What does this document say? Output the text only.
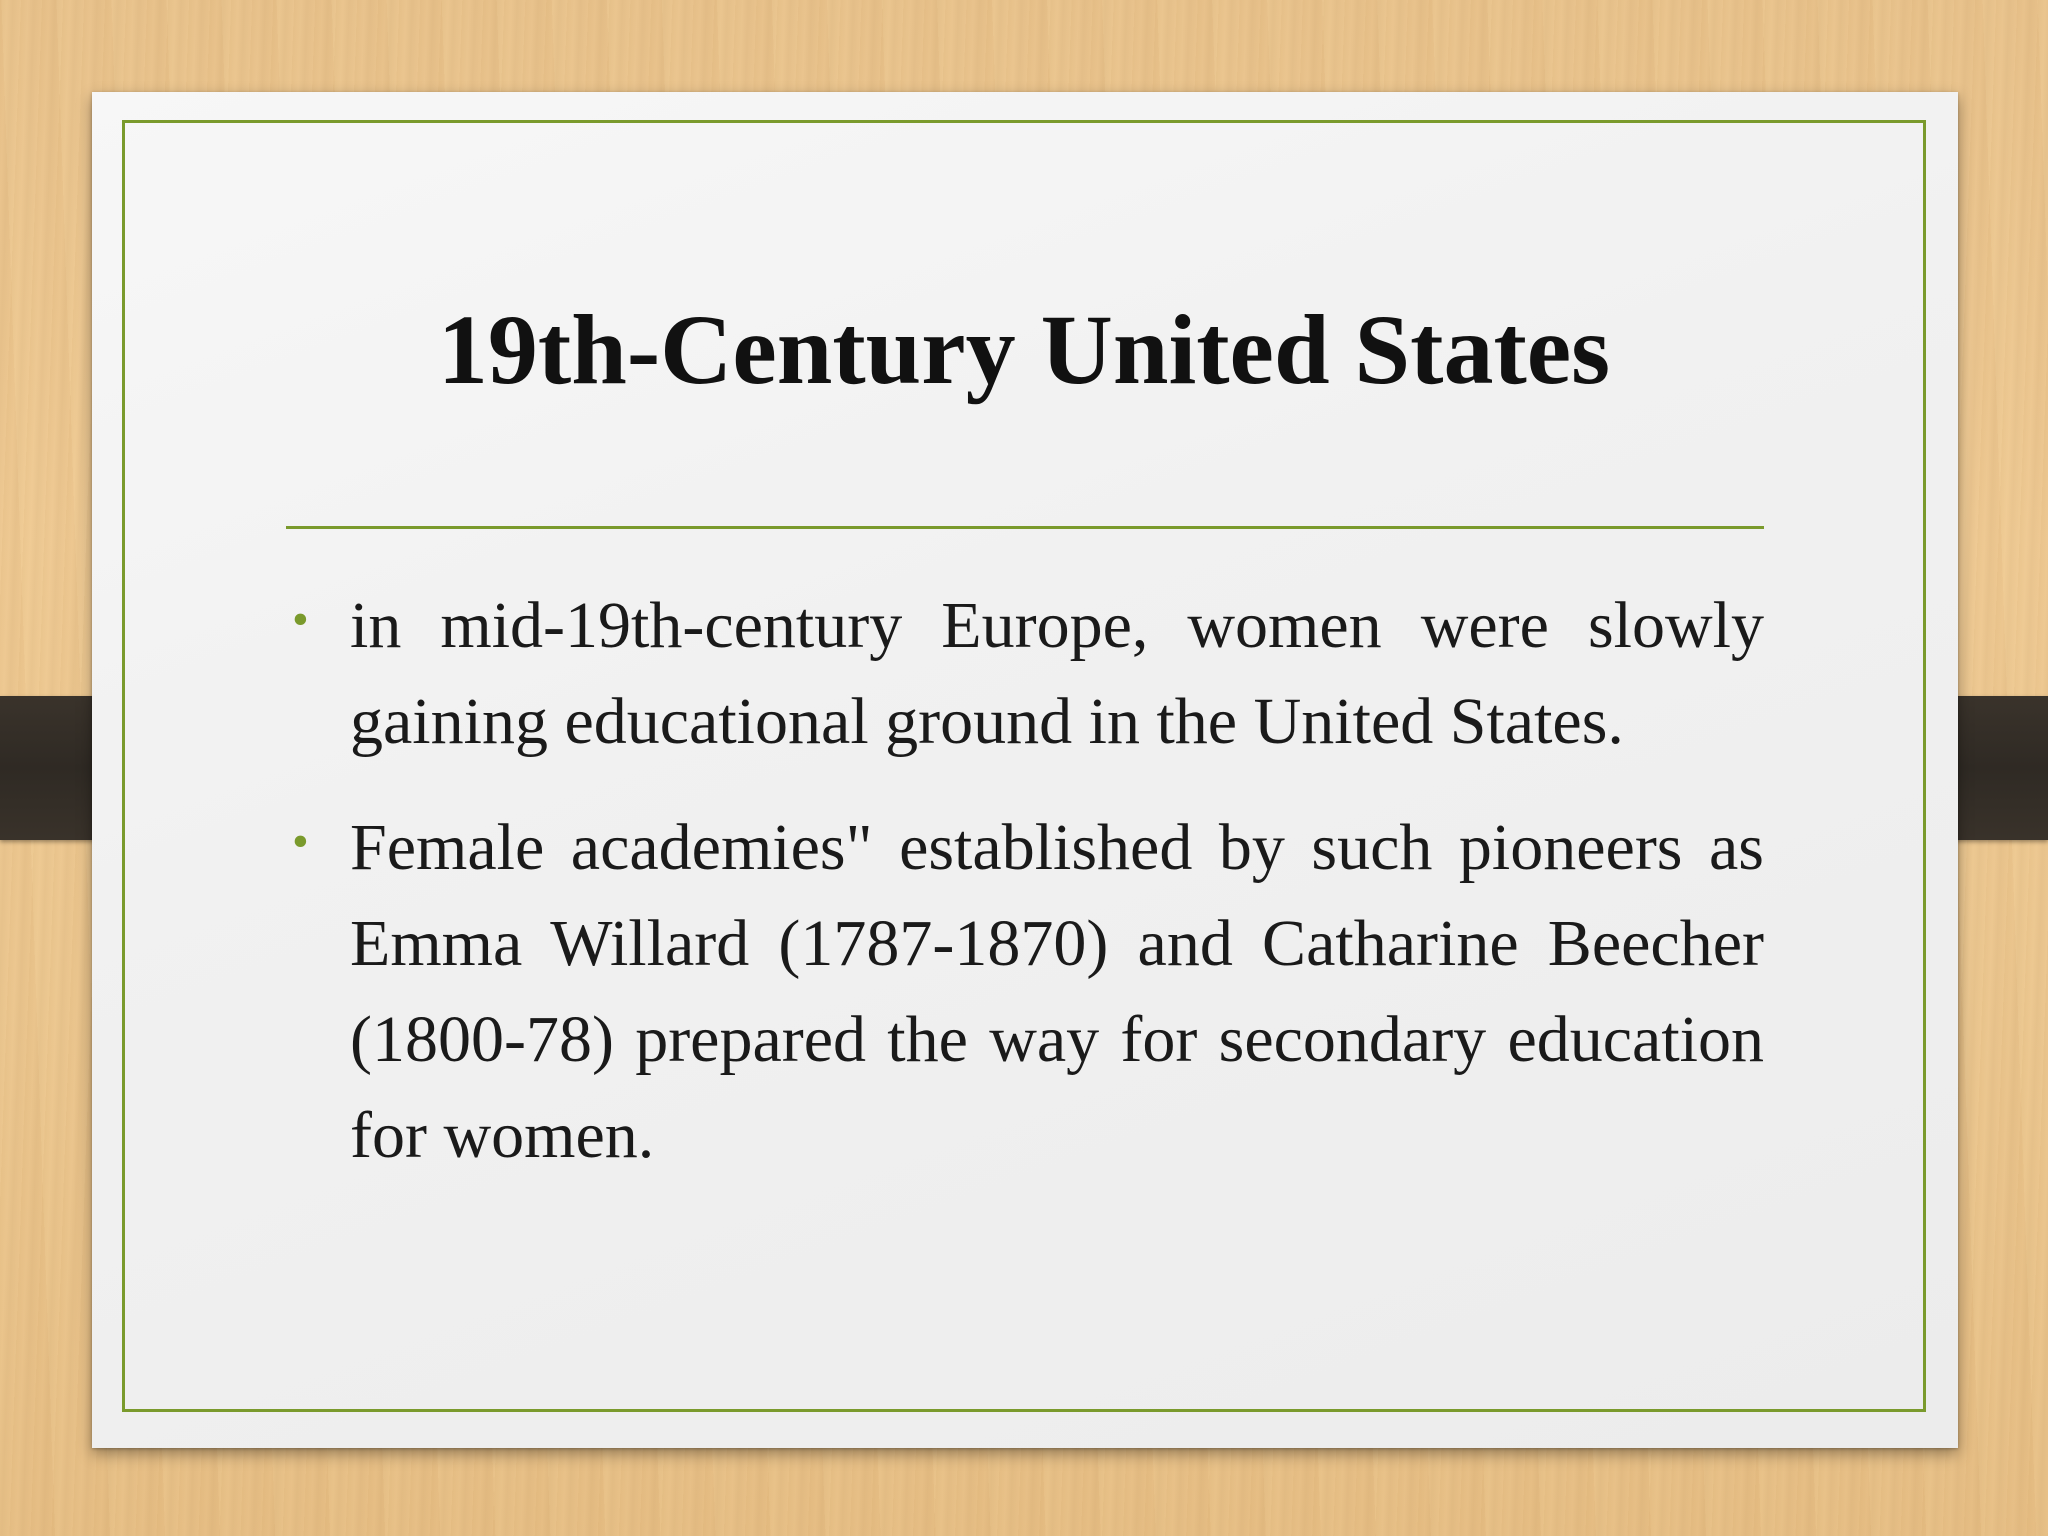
19th-Century United States
• in mid-19th-century Europe, women were slowly gaining educational ground in the United States.
• Female academies" established by such pioneers as Emma Willard (1787-1870) and Catharine Beecher (1800-78) prepared the way for secondary education for women.
